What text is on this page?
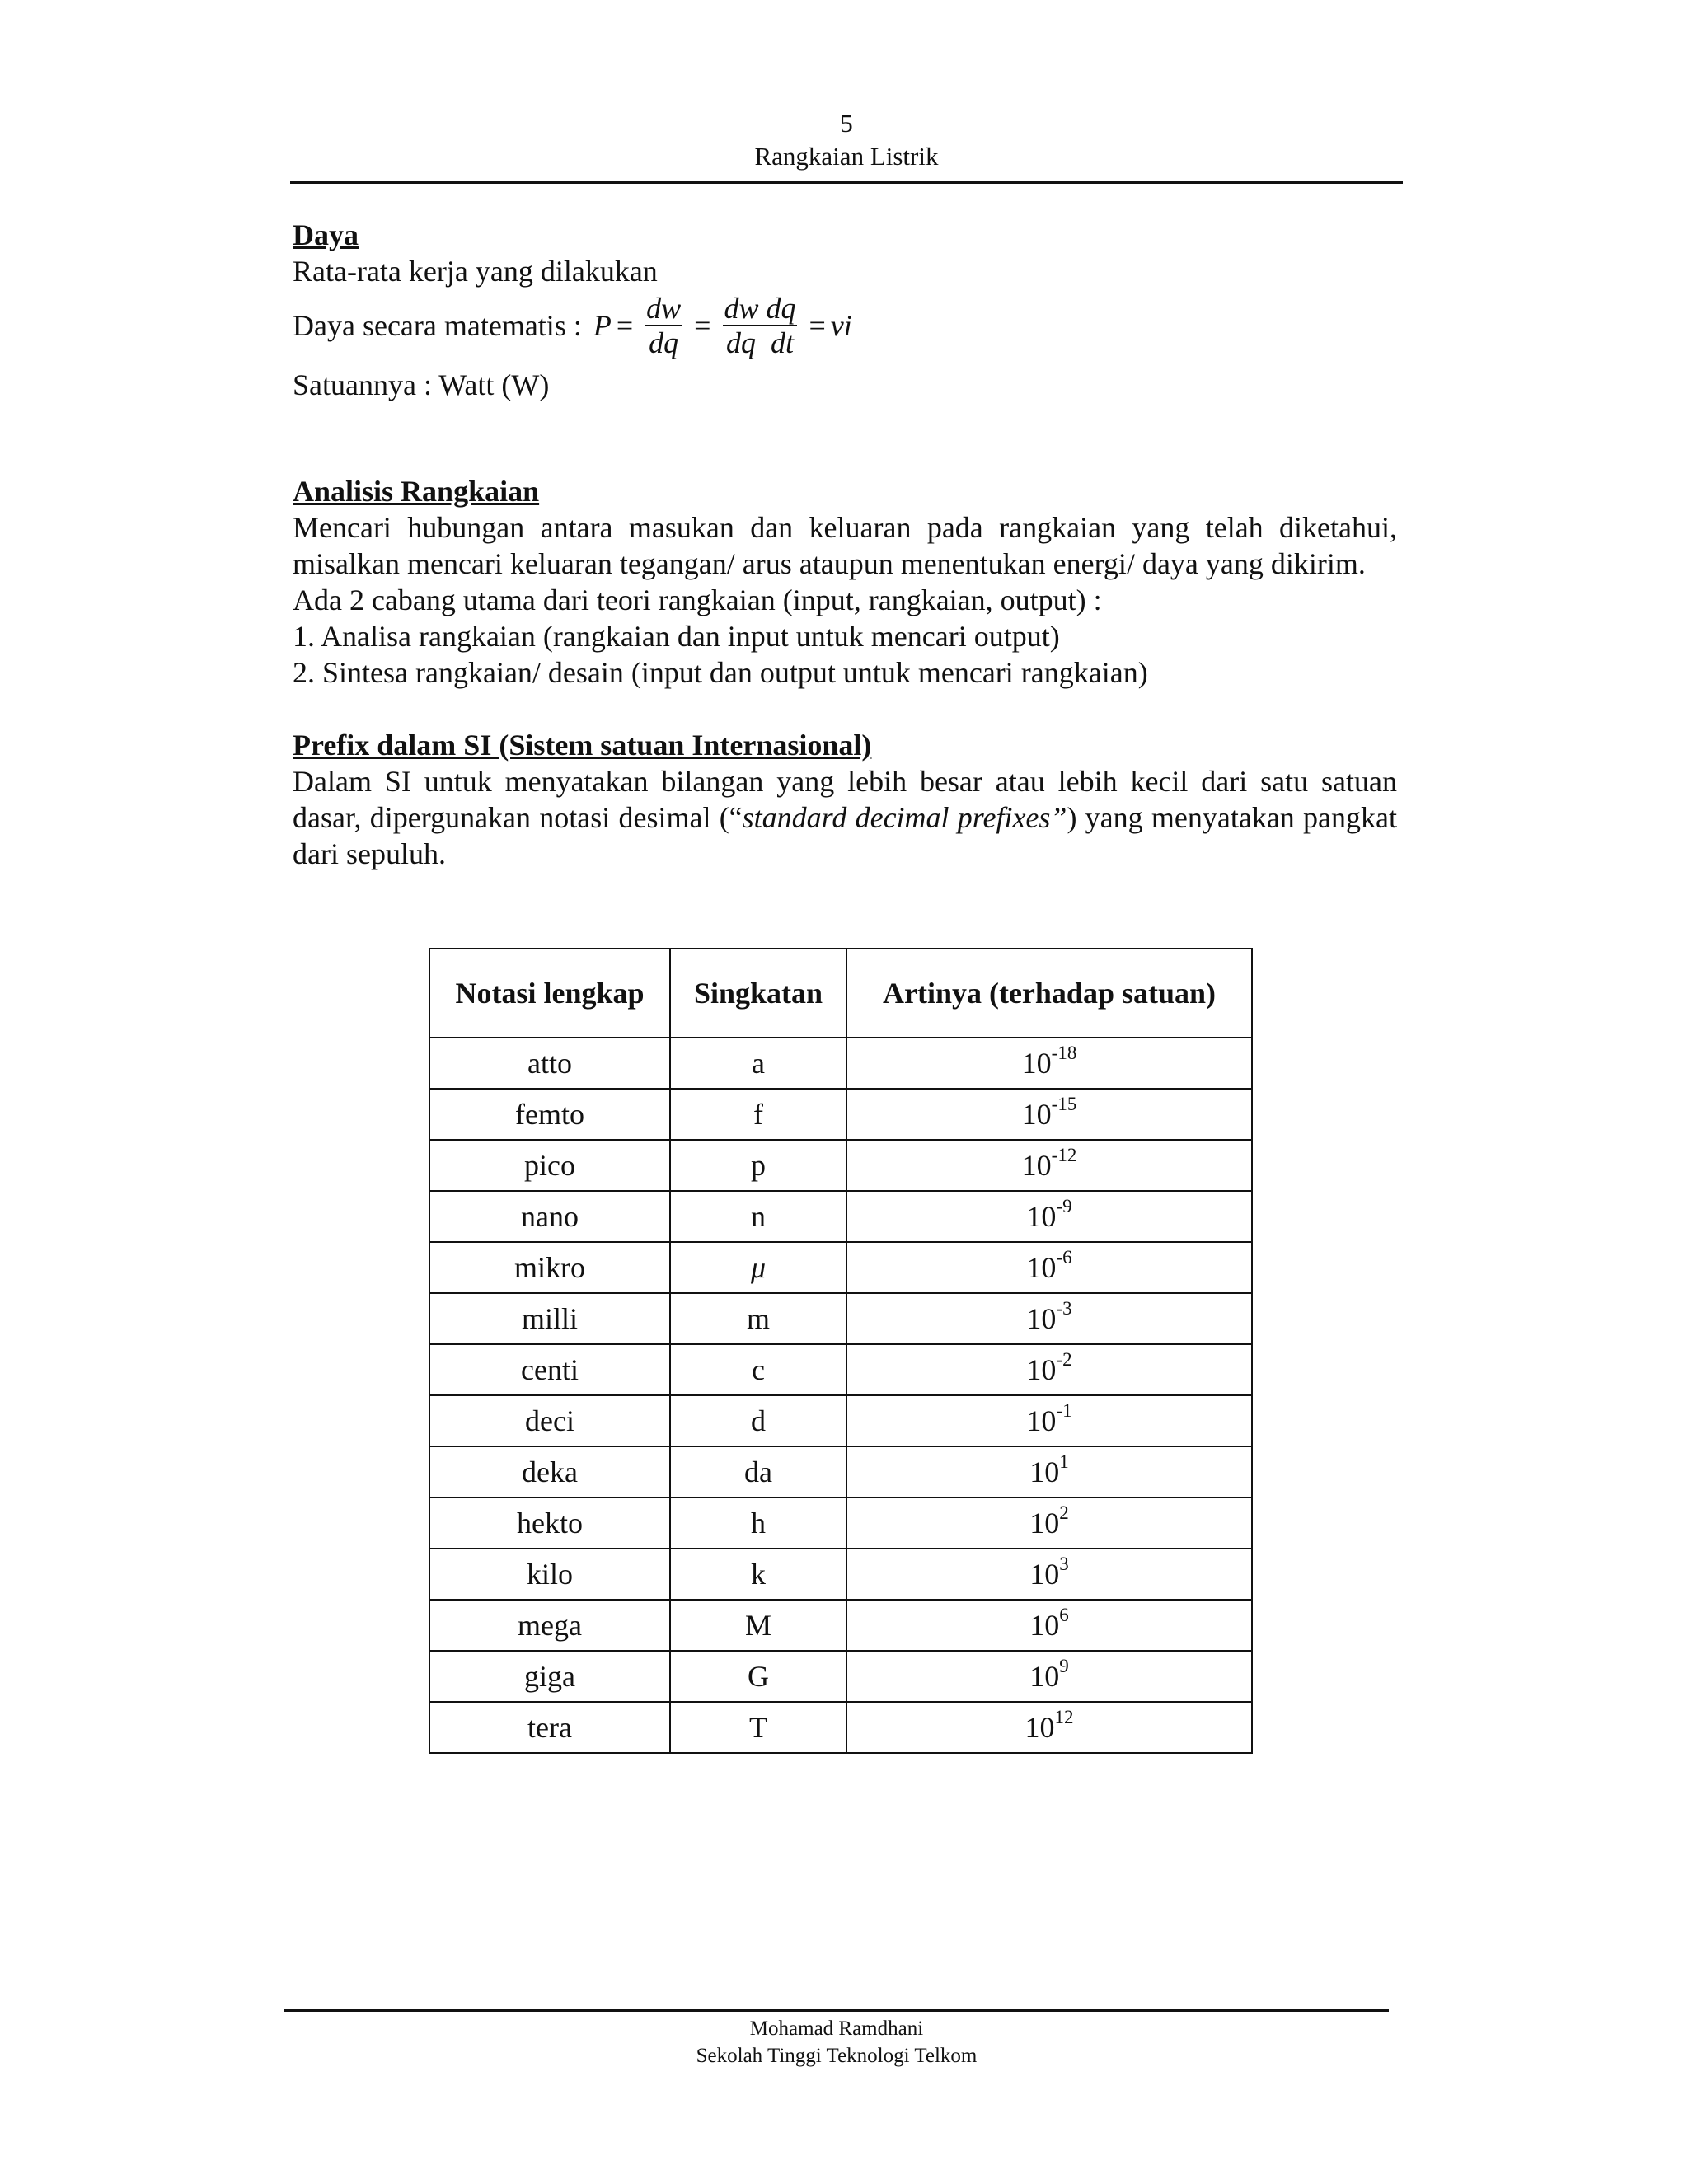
5
Rangkaian Listrik
Daya

Rata-rata kerja yang dilakukan

Daya secara matematis : $P = \frac{dw}{dq} = \frac{\text{dw dq}}{\text{dq  dt}}$ = vi

Satuannya : Watt (W)

Analisis Rangkaian

Mencari hubungan antara masukan dan keluaran pada rangkaian yang telah diketahui, misalkan mencari keluaran tegangan/ arus ataupun menentukan energi/ daya yang dikirim.

Ada 2 cabang utama dari teori rangkaian (input, rangkaian, output) :

1. Analisa rangkaian (rangkaian dan input untuk mencari output)

2. Sintesa rangkaian/ desain (input dan output untuk mencari rangkaian)

Prefix dalam SI (Sistem satuan Internasional)

Dalam SI untuk menyatakan bilangan yang lebih besar atau lebih kecil dari satu satuan dasar, dipergunakan notasi desimal (“standard decimal prefixes”) yang menyatakan pangkat dari sepuluh.

Notasi lengkap	Singkatan	Artinya (terhadap satuan)
atto	a	$10^{-18}$
femto	f	$10^{-15}$
pico	p	$10^{-12}$
nano	n	$10^{-9}$
mikro	μ	$10^{-6}$
milli	m	$10^{-3}$
centi	c	$10^{-2}$
deci	d	$10^{-1}$
deka	da	$10^1$
hekto	h	$10^2$
kilo	k	$10^3$
mega	M	$10^6$
giga	G	$10^9$
tera	T	$10^{12}$
Mohamad Ramdhani
Sekolah Tinggi Teknologi Telkom
